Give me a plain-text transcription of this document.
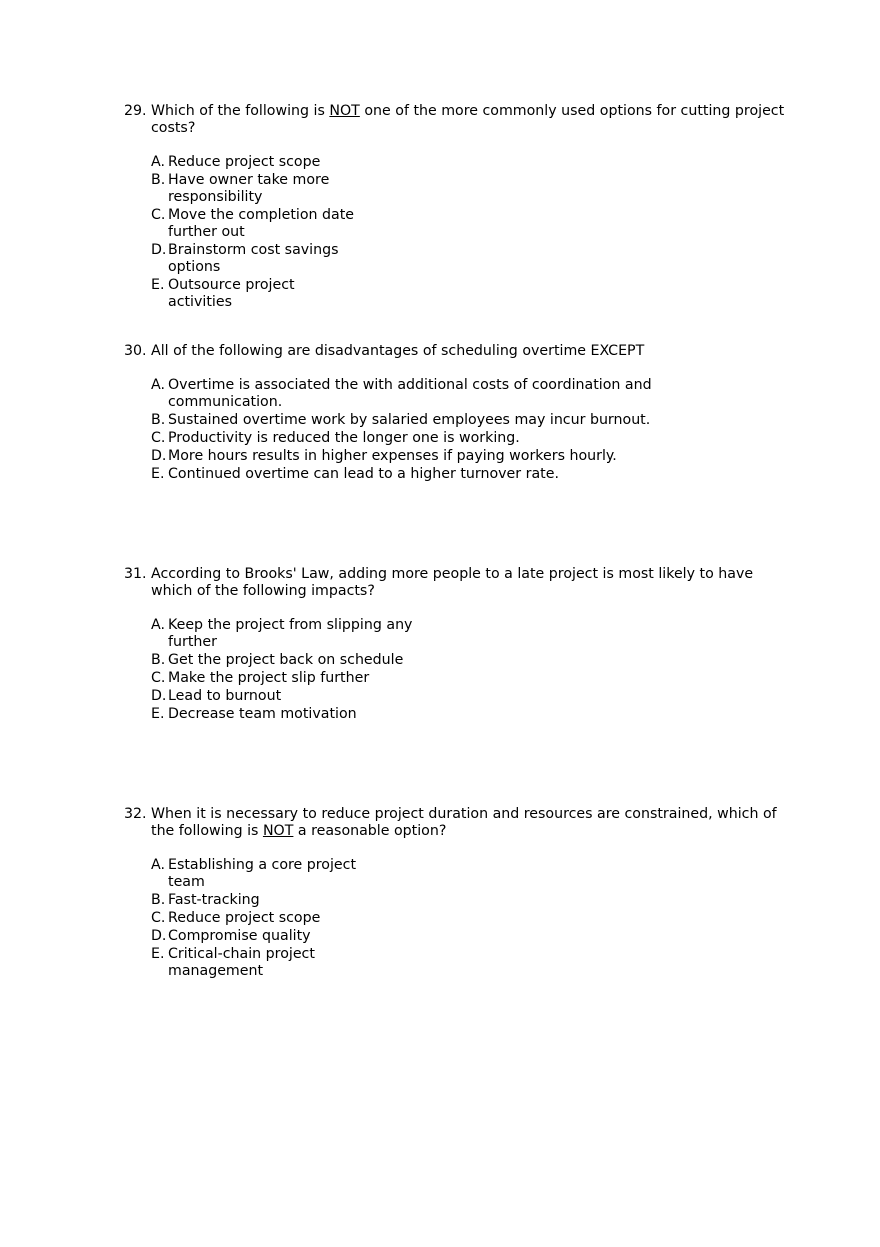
29. Which of the following is NOT one of the more commonly used options for cutting project costs?
A. Reduce project scope
B. Have owner take more responsibility
C. Move the completion date further out
D. Brainstorm cost savings options
E. Outsource project activities
30. All of the following are disadvantages of scheduling overtime EXCEPT
A. Overtime is associated the with additional costs of coordination and communication.
B. Sustained overtime work by salaried employees may incur burnout.
C. Productivity is reduced the longer one is working.
D. More hours results in higher expenses if paying workers hourly.
E. Continued overtime can lead to a higher turnover rate.
31. According to Brooks' Law, adding more people to a late project is most likely to have which of the following impacts?
A. Keep the project from slipping any further
B. Get the project back on schedule
C. Make the project slip further
D. Lead to burnout
E. Decrease team motivation
32. When it is necessary to reduce project duration and resources are constrained, which of the following is NOT a reasonable option?
A. Establishing a core project team
B. Fast-tracking
C. Reduce project scope
D. Compromise quality
E. Critical-chain project management
